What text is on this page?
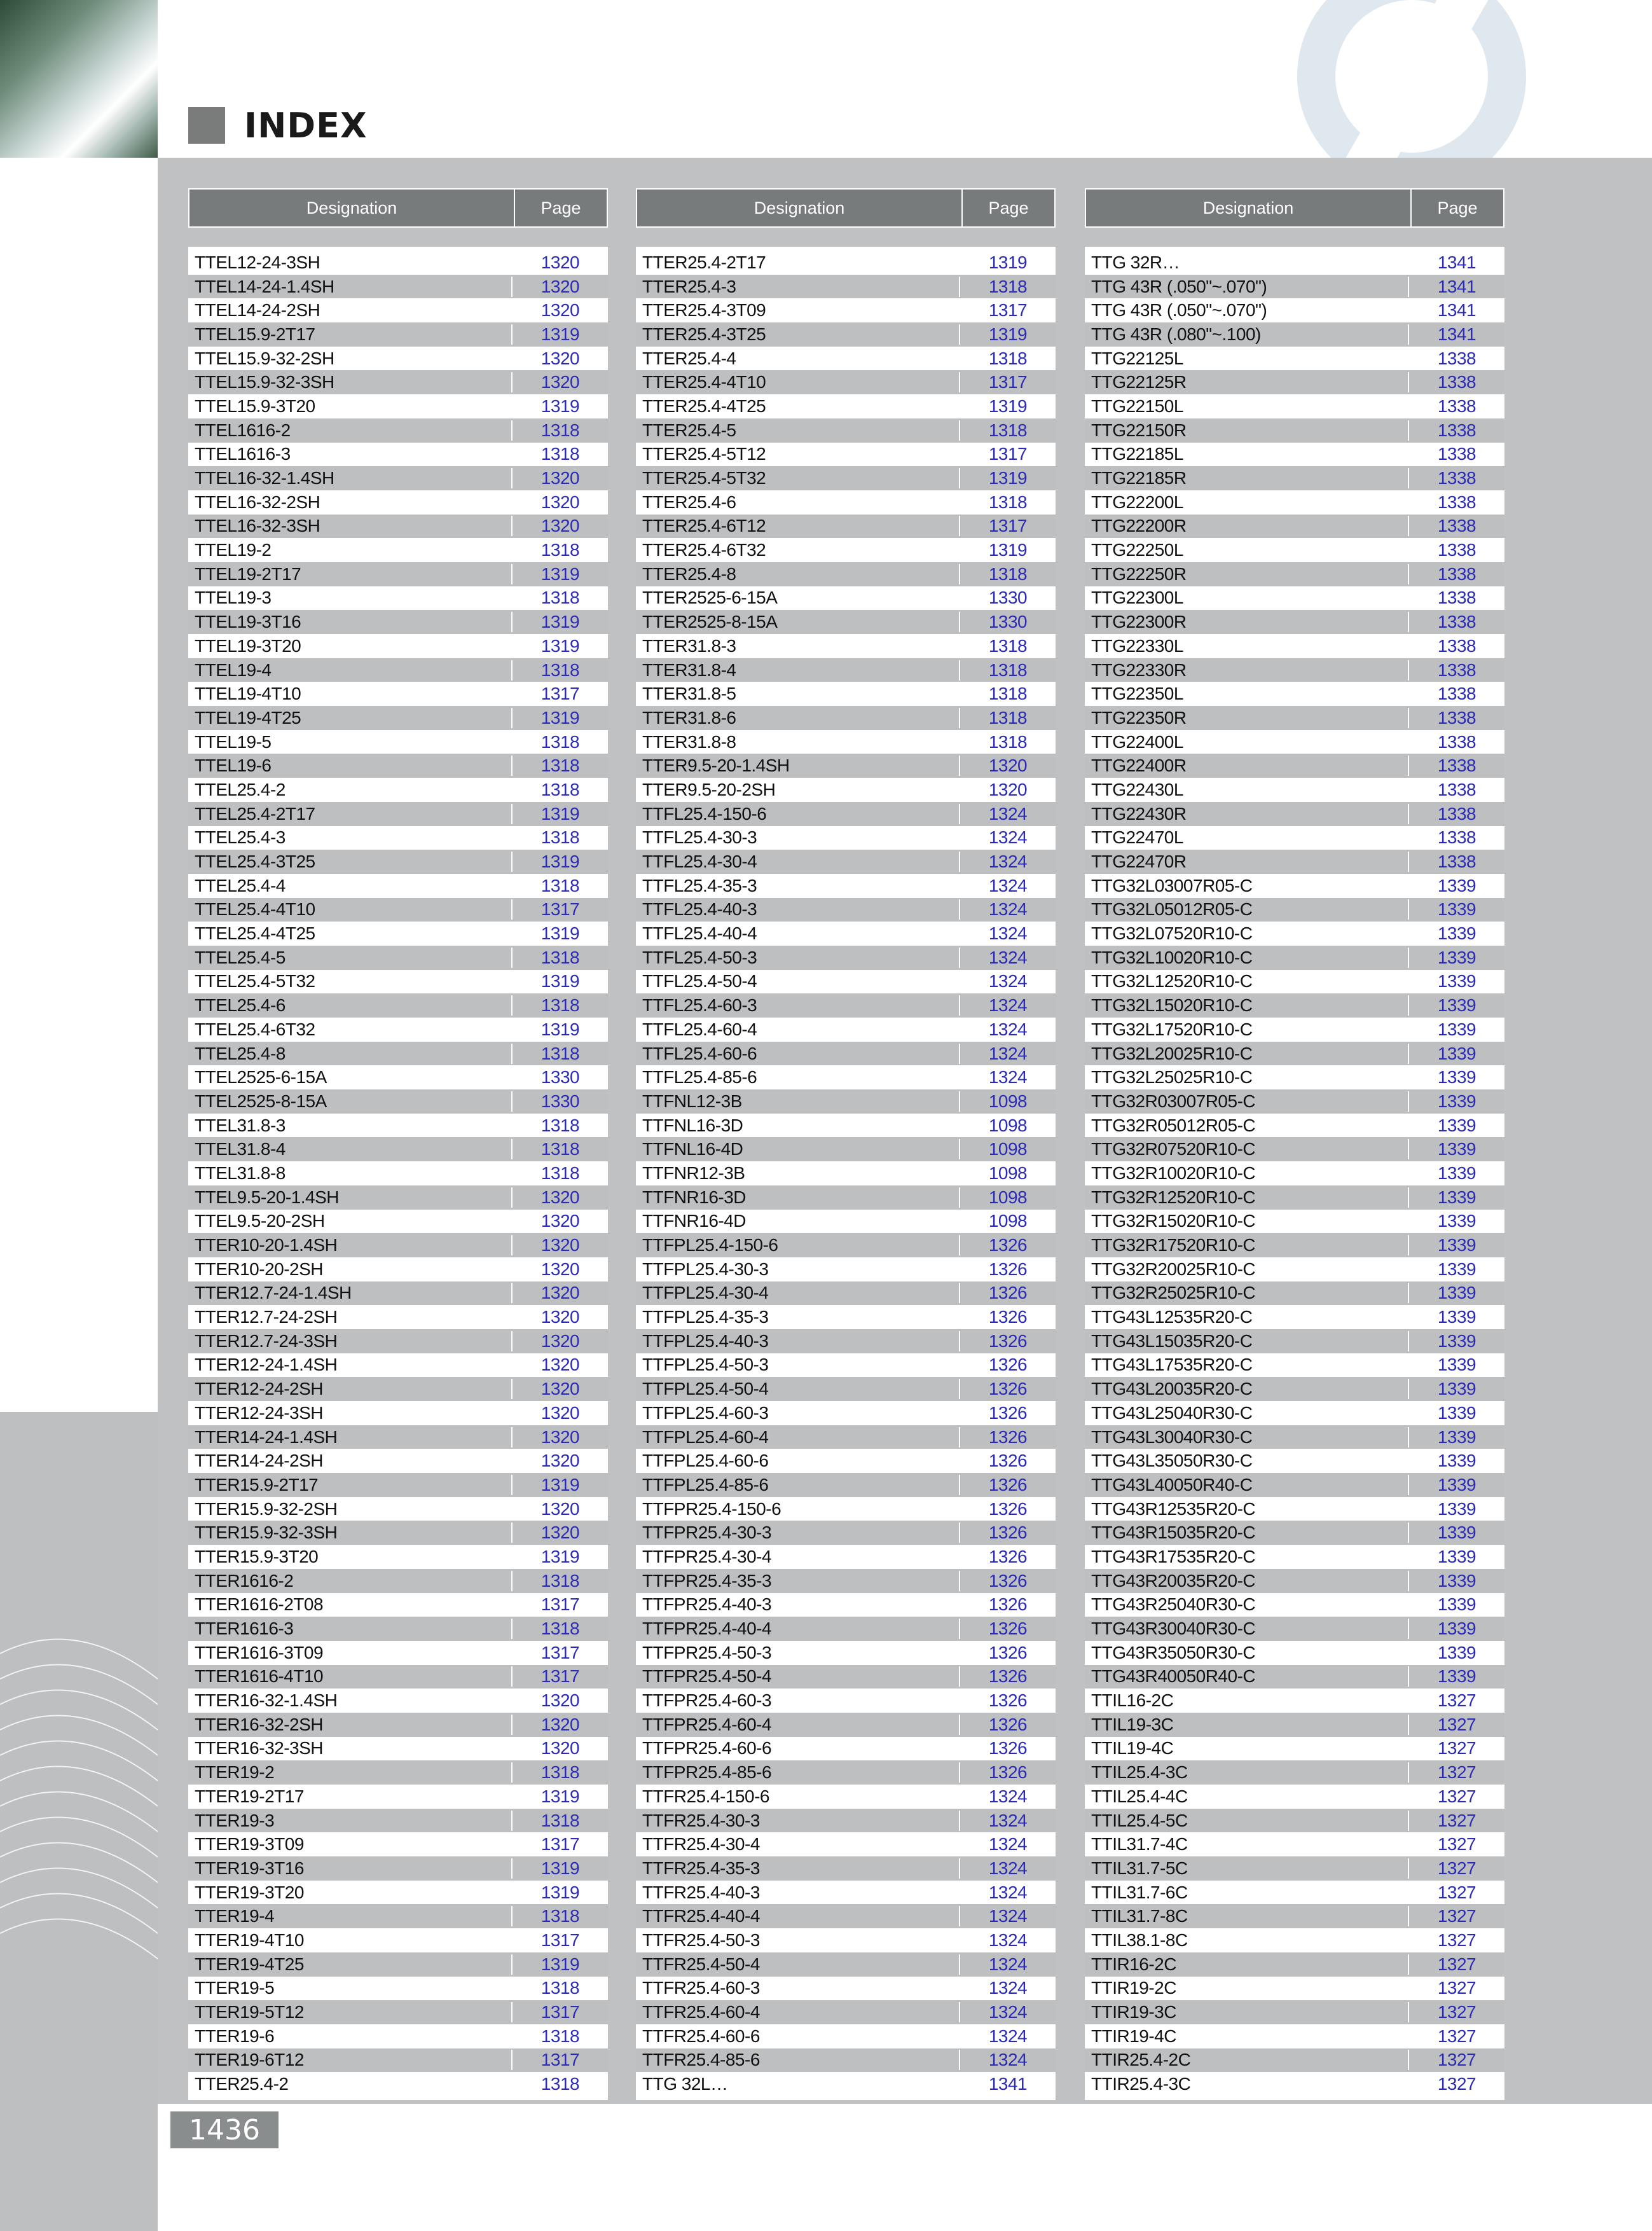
INDEX
Designation	Page
TTEL12-24-3SH	1320
TTEL14-24-1.4SH	1320
TTEL14-24-2SH	1320
TTEL15.9-2T17	1319
TTEL15.9-32-2SH	1320
TTEL15.9-32-3SH	1320
TTEL15.9-3T20	1319
TTEL1616-2	1318
TTEL1616-3	1318
TTEL16-32-1.4SH	1320
TTEL16-32-2SH	1320
TTEL16-32-3SH	1320
TTEL19-2	1318
TTEL19-2T17	1319
TTEL19-3	1318
TTEL19-3T16	1319
TTEL19-3T20	1319
TTEL19-4	1318
TTEL19-4T10	1317
TTEL19-4T25	1319
TTEL19-5	1318
TTEL19-6	1318
TTEL25.4-2	1318
TTEL25.4-2T17	1319
TTEL25.4-3	1318
TTEL25.4-3T25	1319
TTEL25.4-4	1318
TTEL25.4-4T10	1317
TTEL25.4-4T25	1319
TTEL25.4-5	1318
TTEL25.4-5T32	1319
TTEL25.4-6	1318
TTEL25.4-6T32	1319
TTEL25.4-8	1318
TTEL2525-6-15A	1330
TTEL2525-8-15A	1330
TTEL31.8-3	1318
TTEL31.8-4	1318
TTEL31.8-8	1318
TTEL9.5-20-1.4SH	1320
TTEL9.5-20-2SH	1320
TTER10-20-1.4SH	1320
TTER10-20-2SH	1320
TTER12.7-24-1.4SH	1320
TTER12.7-24-2SH	1320
TTER12.7-24-3SH	1320
TTER12-24-1.4SH	1320
TTER12-24-2SH	1320
TTER12-24-3SH	1320
TTER14-24-1.4SH	1320
TTER14-24-2SH	1320
TTER15.9-2T17	1319
TTER15.9-32-2SH	1320
TTER15.9-32-3SH	1320
TTER15.9-3T20	1319
TTER1616-2	1318
TTER1616-2T08	1317
TTER1616-3	1318
TTER1616-3T09	1317
TTER1616-4T10	1317
TTER16-32-1.4SH	1320
TTER16-32-2SH	1320
TTER16-32-3SH	1320
TTER19-2	1318
TTER19-2T17	1319
TTER19-3	1318
TTER19-3T09	1317
TTER19-3T16	1319
TTER19-3T20	1319
TTER19-4	1318
TTER19-4T10	1317
TTER19-4T25	1319
TTER19-5	1318
TTER19-5T12	1317
TTER19-6	1318
TTER19-6T12	1317
TTER25.4-2	1318
Designation	Page
TTER25.4-2T17	1319
TTER25.4-3	1318
TTER25.4-3T09	1317
TTER25.4-3T25	1319
TTER25.4-4	1318
TTER25.4-4T10	1317
TTER25.4-4T25	1319
TTER25.4-5	1318
TTER25.4-5T12	1317
TTER25.4-5T32	1319
TTER25.4-6	1318
TTER25.4-6T12	1317
TTER25.4-6T32	1319
TTER25.4-8	1318
TTER2525-6-15A	1330
TTER2525-8-15A	1330
TTER31.8-3	1318
TTER31.8-4	1318
TTER31.8-5	1318
TTER31.8-6	1318
TTER31.8-8	1318
TTER9.5-20-1.4SH	1320
TTER9.5-20-2SH	1320
TTFL25.4-150-6	1324
TTFL25.4-30-3	1324
TTFL25.4-30-4	1324
TTFL25.4-35-3	1324
TTFL25.4-40-3	1324
TTFL25.4-40-4	1324
TTFL25.4-50-3	1324
TTFL25.4-50-4	1324
TTFL25.4-60-3	1324
TTFL25.4-60-4	1324
TTFL25.4-60-6	1324
TTFL25.4-85-6	1324
TTFNL12-3B	1098
TTFNL16-3D	1098
TTFNL16-4D	1098
TTFNR12-3B	1098
TTFNR16-3D	1098
TTFNR16-4D	1098
TTFPL25.4-150-6	1326
TTFPL25.4-30-3	1326
TTFPL25.4-30-4	1326
TTFPL25.4-35-3	1326
TTFPL25.4-40-3	1326
TTFPL25.4-50-3	1326
TTFPL25.4-50-4	1326
TTFPL25.4-60-3	1326
TTFPL25.4-60-4	1326
TTFPL25.4-60-6	1326
TTFPL25.4-85-6	1326
TTFPR25.4-150-6	1326
TTFPR25.4-30-3	1326
TTFPR25.4-30-4	1326
TTFPR25.4-35-3	1326
TTFPR25.4-40-3	1326
TTFPR25.4-40-4	1326
TTFPR25.4-50-3	1326
TTFPR25.4-50-4	1326
TTFPR25.4-60-3	1326
TTFPR25.4-60-4	1326
TTFPR25.4-60-6	1326
TTFPR25.4-85-6	1326
TTFR25.4-150-6	1324
TTFR25.4-30-3	1324
TTFR25.4-30-4	1324
TTFR25.4-35-3	1324
TTFR25.4-40-3	1324
TTFR25.4-40-4	1324
TTFR25.4-50-3	1324
TTFR25.4-50-4	1324
TTFR25.4-60-3	1324
TTFR25.4-60-4	1324
TTFR25.4-60-6	1324
TTFR25.4-85-6	1324
TTG 32L…	1341
Designation	Page
TTG 32R…	1341
TTG 43R (.050"~.070")	1341
TTG 43R (.050"~.070")	1341
TTG 43R (.080"~.100)	1341
TTG22125L	1338
TTG22125R	1338
TTG22150L	1338
TTG22150R	1338
TTG22185L	1338
TTG22185R	1338
TTG22200L	1338
TTG22200R	1338
TTG22250L	1338
TTG22250R	1338
TTG22300L	1338
TTG22300R	1338
TTG22330L	1338
TTG22330R	1338
TTG22350L	1338
TTG22350R	1338
TTG22400L	1338
TTG22400R	1338
TTG22430L	1338
TTG22430R	1338
TTG22470L	1338
TTG22470R	1338
TTG32L03007R05-C	1339
TTG32L05012R05-C	1339
TTG32L07520R10-C	1339
TTG32L10020R10-C	1339
TTG32L12520R10-C	1339
TTG32L15020R10-C	1339
TTG32L17520R10-C	1339
TTG32L20025R10-C	1339
TTG32L25025R10-C	1339
TTG32R03007R05-C	1339
TTG32R05012R05-C	1339
TTG32R07520R10-C	1339
TTG32R10020R10-C	1339
TTG32R12520R10-C	1339
TTG32R15020R10-C	1339
TTG32R17520R10-C	1339
TTG32R20025R10-C	1339
TTG32R25025R10-C	1339
TTG43L12535R20-C	1339
TTG43L15035R20-C	1339
TTG43L17535R20-C	1339
TTG43L20035R20-C	1339
TTG43L25040R30-C	1339
TTG43L30040R30-C	1339
TTG43L35050R30-C	1339
TTG43L40050R40-C	1339
TTG43R12535R20-C	1339
TTG43R15035R20-C	1339
TTG43R17535R20-C	1339
TTG43R20035R20-C	1339
TTG43R25040R30-C	1339
TTG43R30040R30-C	1339
TTG43R35050R30-C	1339
TTG43R40050R40-C	1339
TTIL16-2C	1327
TTIL19-3C	1327
TTIL19-4C	1327
TTIL25.4-3C	1327
TTIL25.4-4C	1327
TTIL25.4-5C	1327
TTIL31.7-4C	1327
TTIL31.7-5C	1327
TTIL31.7-6C	1327
TTIL31.7-8C	1327
TTIL38.1-8C	1327
TTIR16-2C	1327
TTIR19-2C	1327
TTIR19-3C	1327
TTIR19-4C	1327
TTIR25.4-2C	1327
TTIR25.4-3C	1327
1436
